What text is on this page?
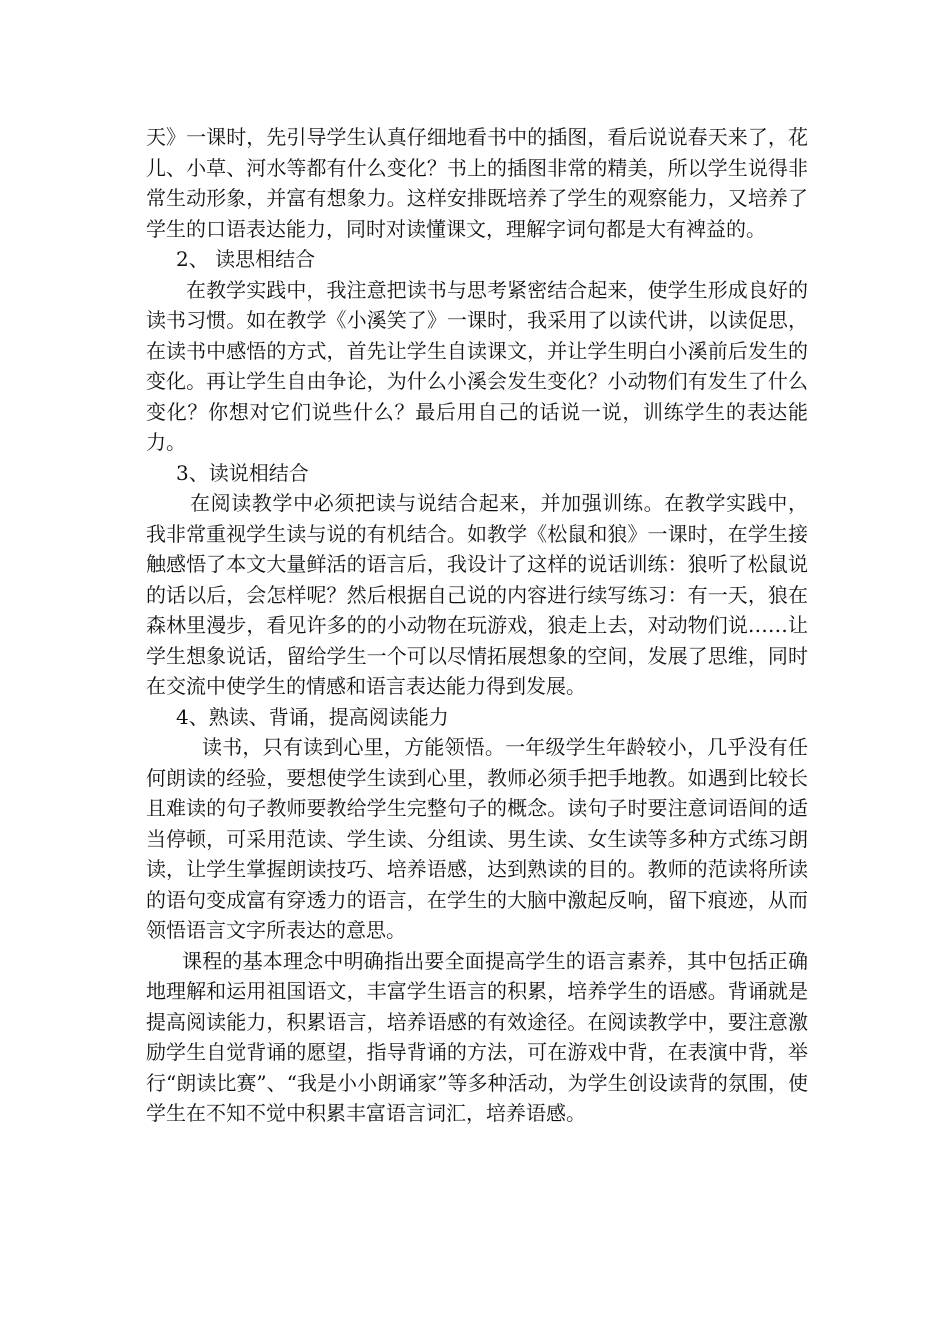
天》一课时，先引导学生认真仔细地看书中的插图，看后说说春天来了，花儿、小草、河水等都有什么变化？书上的插图非常的精美，所以学生说得非常生动形象，并富有想象力。这样安排既培养了学生的观察能力，又培养了学生的口语表达能力，同时对读懂课文，理解字词句都是大有裨益的。

2、 读思相结合

在教学实践中，我注意把读书与思考紧密结合起来，使学生形成良好的读书习惯。如在教学《小溪笑了》一课时，我采用了以读代讲，以读促思，在读书中感悟的方式，首先让学生自读课文，并让学生明白小溪前后发生的变化。再让学生自由争论，为什么小溪会发生变化？小动物们有发生了什么变化？你想对它们说些什么？最后用自己的话说一说，训练学生的表达能力。

3、读说相结合

在阅读教学中必须把读与说结合起来，并加强训练。在教学实践中，我非常重视学生读与说的有机结合。如教学《松鼠和狼》一课时，在学生接触感悟了本文大量鲜活的语言后，我设计了这样的说话训练：狼听了松鼠说的话以后，会怎样呢？然后根据自己说的内容进行续写练习：有一天，狼在森林里漫步，看见许多的的小动物在玩游戏，狼走上去，对动物们说……让学生想象说话，留给学生一个可以尽情拓展想象的空间，发展了思维，同时在交流中使学生的情感和语言表达能力得到发展。

4、熟读、背诵，提高阅读能力

读书，只有读到心里，方能领悟。一年级学生年龄较小，几乎没有任何朗读的经验，要想使学生读到心里，教师必须手把手地教。如遇到比较长且难读的句子教师要教给学生完整句子的概念。读句子时要注意词语间的适当停顿，可采用范读、学生读、分组读、男生读、女生读等多种方式练习朗读，让学生掌握朗读技巧、培养语感，达到熟读的目的。教师的范读将所读的语句变成富有穿透力的语言，在学生的大脑中激起反响，留下痕迹，从而领悟语言文字所表达的意思。

课程的基本理念中明确指出要全面提高学生的语言素养，其中包括正确地理解和运用祖国语文，丰富学生语言的积累，培养学生的语感。背诵就是提高阅读能力，积累语言，培养语感的有效途径。在阅读教学中，要注意激励学生自觉背诵的愿望，指导背诵的方法，可在游戏中背，在表演中背，举行“朗读比赛”、“我是小小朗诵家”等多种活动，为学生创设读背的氛围，使学生在不知不觉中积累丰富语言词汇，培养语感。
